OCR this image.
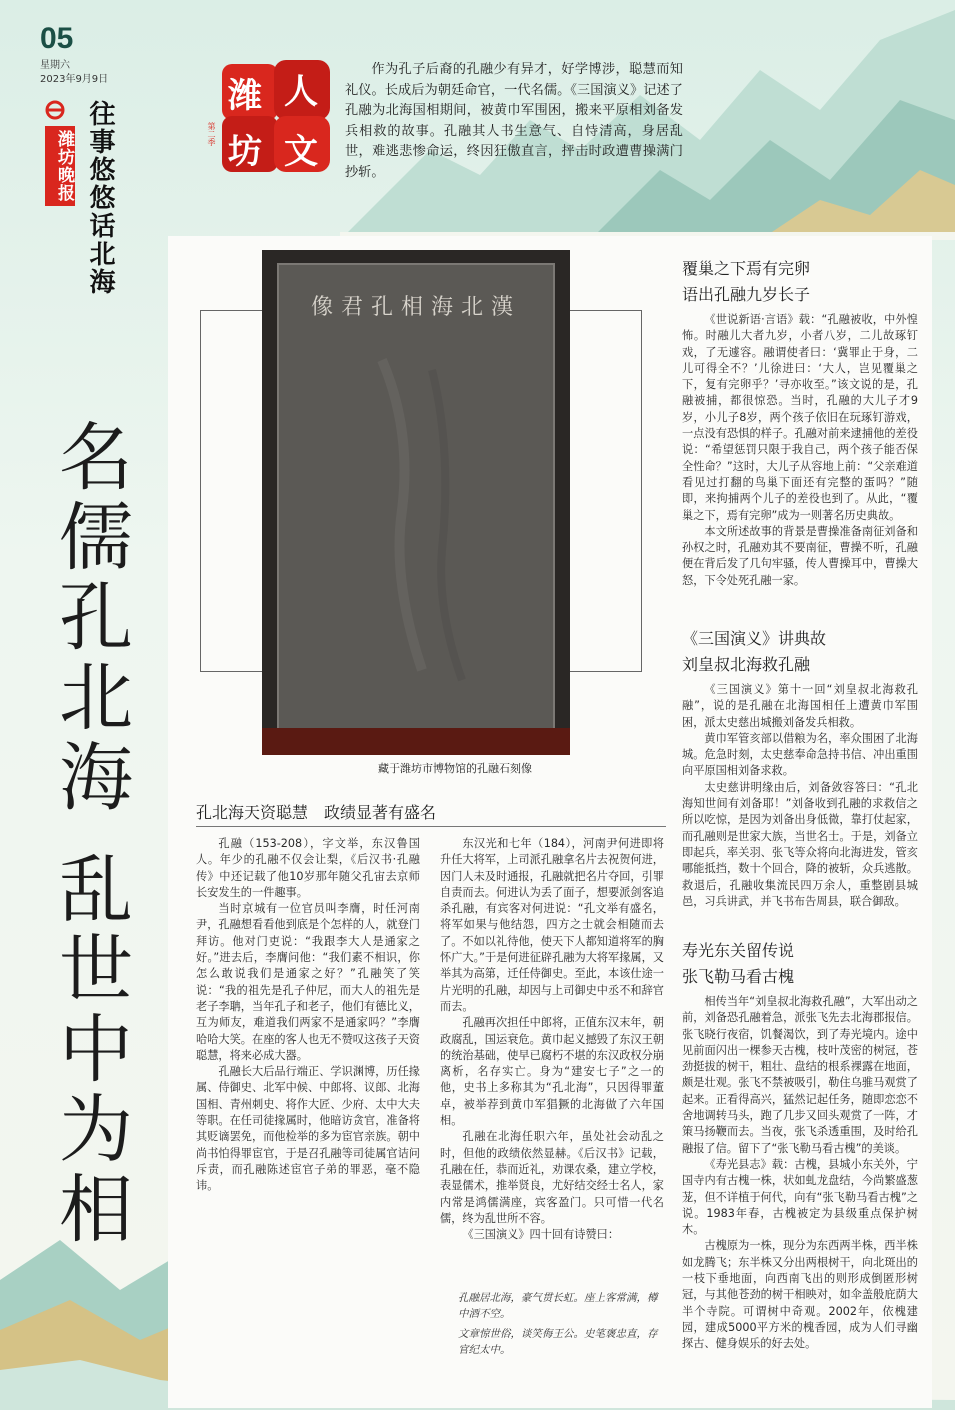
05
星期六
2023年9月9日
潍坊晚报 往事悠悠话北海
名儒孔北海
乱世中为相
潍 人
坊 文
第二季

作为孔子后裔的孔融少有异才，好学博涉，聪慧而知礼仪。长成后为朝廷命官，一代名儒。《三国演义》记述了孔融为北海国相期间，被黄巾军围困，搬来平原相刘备发兵相救的故事。孔融其人书生意气、自恃清高，身居乱世，难逃悲惨命运，终因狂傲直言，抨击时政遭曹操满门抄斩。

漢北海相孔君像
藏于潍坊市博物馆的孔融石刻像
孔北海天资聪慧　政绩显著有盛名

孔融（153-208），字文举，东汉鲁国人。年少的孔融不仅会让梨，《后汉书·孔融传》中还记载了他10岁那年随父孔宙去京师长安发生的一件趣事。

当时京城有一位官员叫李膺，时任河南尹，孔融想看看他到底是个怎样的人，就登门拜访。他对门吏说：“我跟李大人是通家之好。”进去后，李膺问他：“我们素不相识，你怎么敢说我们是通家之好？”孔融笑了笑说：“我的祖先是孔子仲尼，而大人的祖先是老子李聃，当年孔子和老子，他们有德比义，互为师友，难道我们两家不是通家吗？”李膺哈哈大笑。在座的客人也无不赞叹这孩子天资聪慧，将来必成大器。

孔融长大后品行端正、学识渊博，历任掾属、侍御史、北军中候、中郎将、议郎、北海国相、青州刺史、将作大匠、少府、太中大夫等职。在任司徒掾属时，他暗访贪官，准备将其贬谪罢免，而他检举的多为宦官亲族。朝中尚书怕得罪宦官，于是召孔融等司徒属官诘问斥责，而孔融陈述宦官子弟的罪恶，毫不隐讳。

东汉光和七年（184），河南尹何进即将升任大将军，上司派孔融拿名片去祝贺何进，因门人未及时通报，孔融就把名片夺回，引罪自责而去。何进认为丢了面子，想要派剑客追杀孔融，有宾客对何进说：“孔文举有盛名，将军如果与他结怨，四方之士就会相随而去了。不如以礼待他，使天下人都知道将军的胸怀广大。”于是何进征辟孔融为大将军掾属，又举其为高第，迁任侍御史。至此，本该仕途一片光明的孔融，却因与上司御史中丞不和辞官而去。

孔融再次担任中郎将，正值东汉末年，朝政腐乱，国运衰危。黄巾起义撼毁了东汉王朝的统治基础，使早已腐朽不堪的东汉政权分崩离析，名存实亡。身为“建安七子”之一的他，史书上多称其为“孔北海”，只因得罪董卓，被举荐到黄巾军猖獗的北海做了六年国相。

孔融在北海任职六年，虽处社会动乱之时，但他的政绩依然显赫。《后汉书》记载，孔融在任，恭而近礼，劝课农桑，建立学校，表显儒术，推举贤良，尤好结交经士名人，家内常是鸿儒满座，宾客盈门。只可惜一代名儒，终为乱世所不容。

《三国演义》四十回有诗赞曰：

孔融居北海，豪气贯长虹。座上客常满，樽中酒不空。
文章惊世俗，谈笑侮王公。史笔褒忠直，存官纪太中。
覆巢之下焉有完卵
语出孔融九岁长子

《世说新语·言语》载：“孔融被收，中外惶怖。时融儿大者九岁，小者八岁，二儿故琢钉戏，了无遽容。融谓使者曰：‘冀罪止于身，二儿可得全不？’儿徐进曰：‘大人，岂见覆巢之下，复有完卵乎？’寻亦收至。”该文说的是，孔融被捕，都很惊恐。当时，孔融的大儿子才9岁，小儿子8岁，两个孩子依旧在玩琢钉游戏，一点没有恐惧的样子。孔融对前来逮捕他的差役说：“希望惩罚只限于我自己，两个孩子能否保全性命？”这时，大儿子从容地上前：“父亲难道看见过打翻的鸟巢下面还有完整的蛋吗？”随即，来拘捕两个儿子的差役也到了。从此，“覆巢之下，焉有完卵”成为一则著名历史典故。

本文所述故事的背景是曹操准备南征刘备和孙权之时，孔融劝其不要南征，曹操不听，孔融便在背后发了几句牢骚，传人曹操耳中，曹操大怒，下令处死孔融一家。

《三国演义》讲典故
刘皇叔北海救孔融

《三国演义》第十一回“刘皇叔北海救孔融”，说的是孔融在北海国相任上遭黄巾军围困，派太史慈出城搬刘备发兵相救。

黄巾军管亥部以借粮为名，率众围困了北海城。危急时刻，太史慈奉命急持书信、冲出重围向平原国相刘备求救。

太史慈讲明缘由后，刘备敛容答曰：“孔北海知世间有刘备耶！”刘备收到孔融的求救信之所以吃惊，是因为刘备出身低微，靠打仗起家，而孔融则是世家大族，当世名士。于是，刘备立即起兵，率关羽、张飞等众将向北海进发，管亥哪能抵挡，数十个回合，降的被斩，众兵逃散。救退后，孔融收集流民四万余人，重整剧县城邑，习兵讲武，并飞书布告周县，联合御敌。

寿光东关留传说
张飞勒马看古槐

相传当年“刘皇叔北海救孔融”，大军出动之前，刘备恐孔融着急，派张飞先去北海郡报信。张飞晓行夜宿，饥餐渴饮，到了寿光境内。途中见前面闪出一棵参天古槐，枝叶茂密的树冠，苍劲挺拔的树干，粗壮、盘结的根系裸露在地面，颇是壮观。张飞不禁被吸引，勒住乌骓马观赏了起来。正看得高兴，猛然记起任务，随即恋恋不舍地调转马头，跑了几步又回头观赏了一阵，才策马扬鞭而去。当夜，张飞杀透重围，及时给孔融报了信。留下了“张飞勒马看古槐”的美谈。

《寿光县志》载：古槐，县城小东关外，宁国寺内有古槐一株，状如虬龙盘结，今尚繁盛葱茏，但不详植于何代，向有“张飞勒马看古槐”之说。1983年春，古槐被定为县级重点保护树木。

古槐原为一株，现分为东西两半株，西半株如龙腾飞；东半株又分出两根树干，向北斑出的一枝下垂地面，向西南飞出的则形成倒匿形树冠，与其他苍劲的树干相映对，如伞盖般庇荫大半个寺院。可谓树中奇观。2002年，依槐建园，建成5000平方米的槐香园，成为人们寻幽探古、健身娱乐的好去处。
